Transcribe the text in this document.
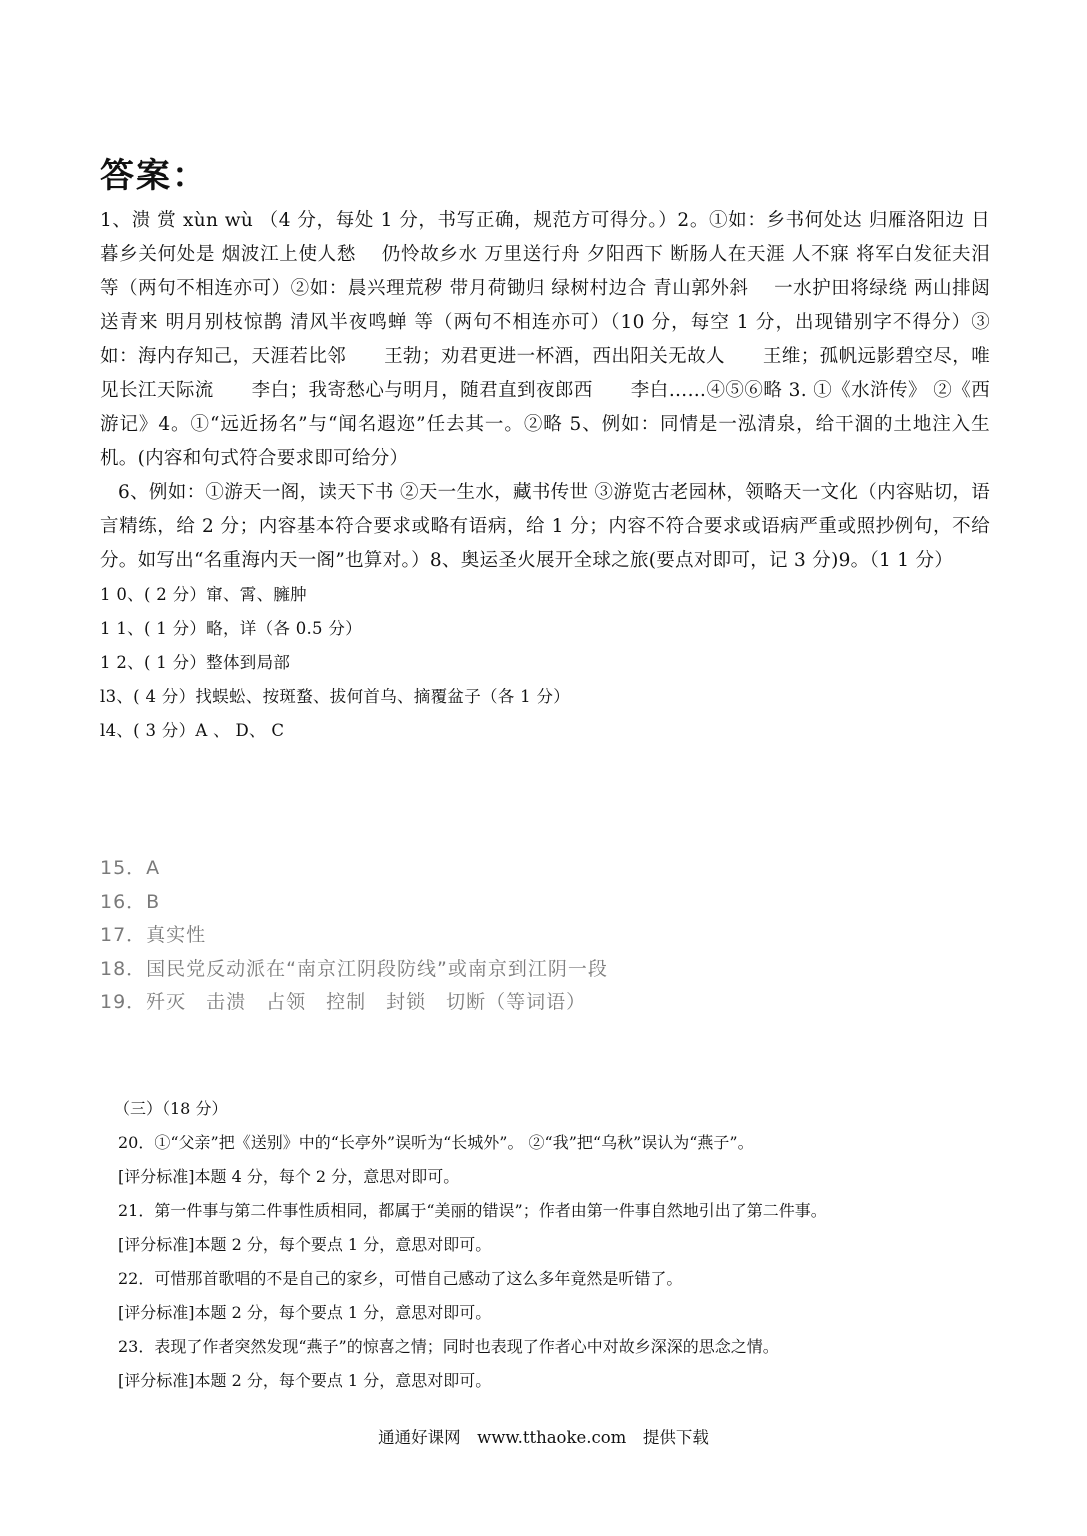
答案：

1、溃 赏 xùn wù （4 分，每处 1 分，书写正确，规范方可得分。）2。①如：乡书何处达 归雁洛阳边 日暮乡关何处是 烟波江上使人愁　 仍怜故乡水 万里送行舟 夕阳西下 断肠人在天涯 人不寐 将军白发征夫泪 等（两句不相连亦可）②如：晨兴理荒秽 带月荷锄归 绿树村边合 青山郭外斜　 一水护田将绿绕 两山排闼送青来 明月别枝惊鹊 清风半夜鸣蝉 等（两句不相连亦可）（10 分，每空 1 分，出现错别字不得分）③如：海内存知己，天涯若比邻　　王勃；劝君更进一杯酒，西出阳关无故人　　王维；孤帆远影碧空尽，唯见长江天际流　　李白；我寄愁心与明月，随君直到夜郎西　　李白……④⑤⑥略 3. ①《水浒传》 ②《西游记》4。①“远近扬名”与“闻名遐迩”任去其一。②略 5、例如：同情是一泓清泉，给干涸的土地注入生机。(内容和句式符合要求即可给分）

6、例如：①游天一阁，读天下书 ②天一生水，藏书传世 ③游览古老园林，领略天一文化（内容贴切，语言精练，给 2 分；内容基本符合要求或略有语病，给 1 分；内容不符合要求或语病严重或照抄例句，不给分。如写出“名重海内天一阁”也算对。）8、奥运圣火展开全球之旅(要点对即可，记 3 分)9。（1 1 分）

1 0、( 2 分）窜、霄、臃肿
1 1、( 1 分）略，详（各 0.5 分）
1 2、( 1 分）整体到局部
l3、( 4 分）找蜈蚣、按斑蝥、拔何首乌、摘覆盆子（各 1 分）
l4、( 3 分）A 、 D、 C
15．A
16．B
17．真实性
18．国民党反动派在“南京江阴段防线”或南京到江阴一段
19．歼灭　击溃　占领　控制　封锁　切断（等词语）
（三）（18 分）
20．①“父亲”把《送别》中的“长亭外”误听为“长城外”。 ②“我”把“乌秋”误认为“燕子”。
[评分标准]本题 4 分，每个 2 分，意思对即可。
21．第一件事与第二件事性质相同，都属于“美丽的错误”；作者由第一件事自然地引出了第二件事。
[评分标准]本题 2 分，每个要点 1 分，意思对即可。
22．可惜那首歌唱的不是自己的家乡，可惜自己感动了这么多年竟然是听错了。
[评分标准]本题 2 分，每个要点 1 分，意思对即可。
23．表现了作者突然发现“燕子”的惊喜之情；同时也表现了作者心中对故乡深深的思念之情。
[评分标准]本题 2 分，每个要点 1 分，意思对即可。
通通好课网　www.tthaoke.com　提供下载
